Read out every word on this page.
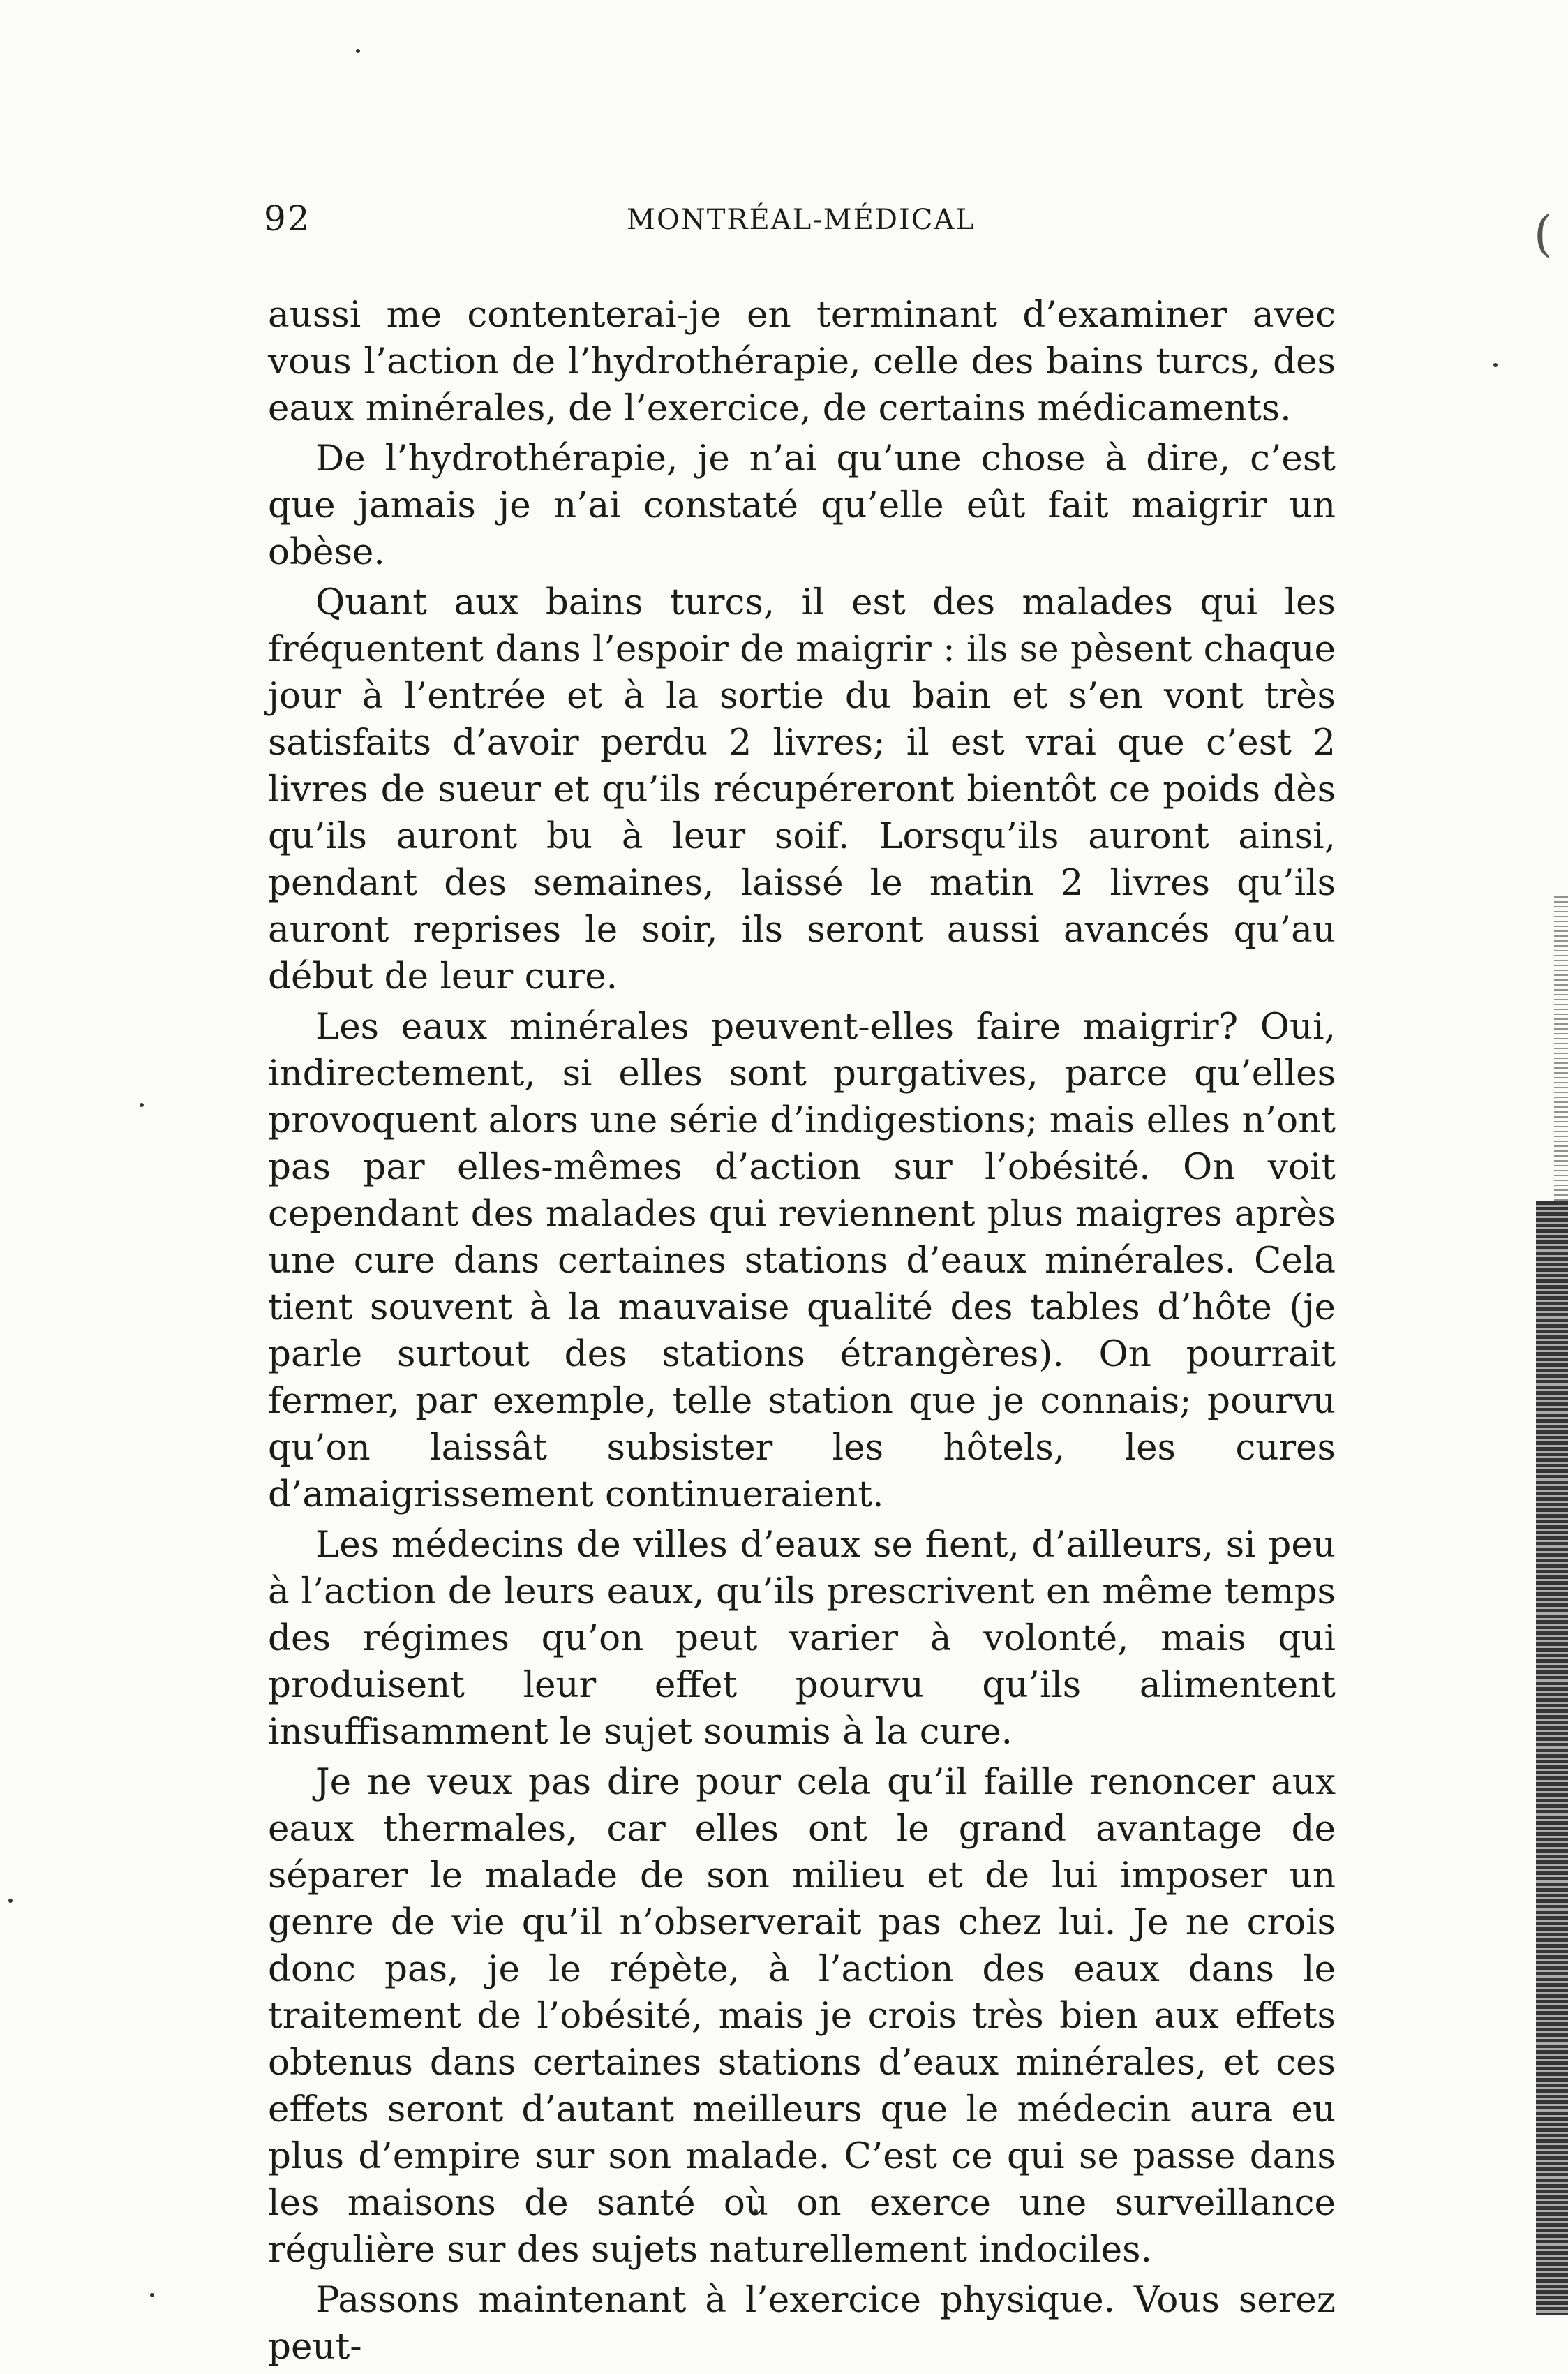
(
92	MONTRÉAL-MÉDICAL

aussi me contenterai-je en terminant d’examiner avec vous l’action de l’hydrothérapie, celle des bains turcs, des eaux minérales, de l’exercice, de certains médicaments.

De l’hydrothérapie, je n’ai qu’une chose à dire, c’est que jamais je n’ai constaté qu’elle eût fait maigrir un obèse.

Quant aux bains turcs, il est des malades qui les fréquentent dans l’espoir de maigrir : ils se pèsent chaque jour à l’entrée et à la sortie du bain et s’en vont très satisfaits d’avoir perdu 2 livres; il est vrai que c’est 2 livres de sueur et qu’ils récupéreront bientôt ce poids dès qu’ils auront bu à leur soif. Lorsqu’ils auront ainsi, pendant des semaines, laissé le matin 2 livres qu’ils auront reprises le soir, ils seront aussi avancés qu’au début de leur cure.

Les eaux minérales peuvent-elles faire maigrir? Oui, indirectement, si elles sont purgatives, parce qu’elles provoquent alors une série d’indigestions; mais elles n’ont pas par elles-mêmes d’action sur l’obésité. On voit cependant des malades qui reviennent plus maigres après une cure dans certaines stations d’eaux minérales. Cela tient souvent à la mauvaise qualité des tables d’hôte (je parle surtout des stations étrangères). On pourrait fermer, par exemple, telle station que je connais; pourvu qu’on laissât subsister les hôtels, les cures d’amaigrissement continueraient.

Les médecins de villes d’eaux se fient, d’ailleurs, si peu à l’action de leurs eaux, qu’ils prescrivent en même temps des régimes qu’on peut varier à volonté, mais qui produisent leur effet pourvu qu’ils alimentent insuffisamment le sujet soumis à la cure.

Je ne veux pas dire pour cela qu’il faille renoncer aux eaux thermales, car elles ont le grand avantage de séparer le malade de son milieu et de lui imposer un genre de vie qu’il n’observerait pas chez lui. Je ne crois donc pas, je le répète, à l’action des eaux dans le traitement de l’obésité, mais je crois très bien aux effets obtenus dans certaines stations d’eaux minérales, et ces effets seront d’autant meilleurs que le médecin aura eu plus d’empire sur son malade. C’est ce qui se passe dans les maisons de santé où on exerce une surveillance régulière sur des sujets naturellement indociles.

Passons maintenant à l’exercice physique. Vous serez peut-
